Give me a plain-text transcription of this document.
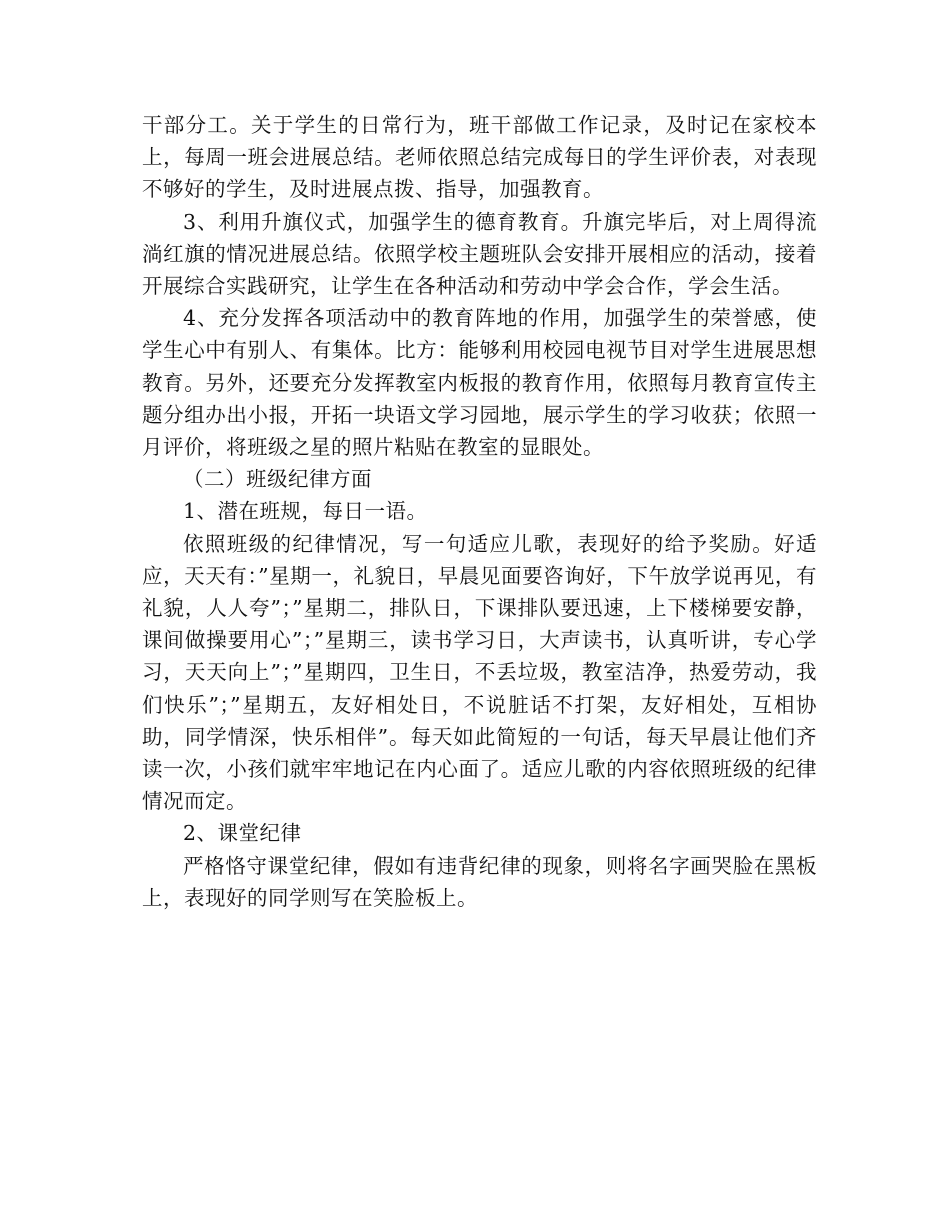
干部分工。关于学生的日常行为，班干部做工作记录，及时记在家校本上，每周一班会进展总结。老师依照总结完成每日的学生评价表，对表现不够好的学生，及时进展点拨、指导，加强教育。

3、利用升旗仪式，加强学生的德育教育。升旗完毕后，对上周得流淌红旗的情况进展总结。依照学校主题班队会安排开展相应的活动，接着开展综合实践研究，让学生在各种活动和劳动中学会合作，学会生活。

4、充分发挥各项活动中的教育阵地的作用，加强学生的荣誉感，使学生心中有别人、有集体。比方：能够利用校园电视节目对学生进展思想教育。另外，还要充分发挥教室内板报的教育作用，依照每月教育宣传主题分组办出小报，开拓一块语文学习园地，展示学生的学习收获；依照一月评价，将班级之星的照片粘贴在教室的显眼处。

（二）班级纪律方面

1、潜在班规，每日一语。

依照班级的纪律情况，写一句适应儿歌，表现好的给予奖励。好适应，天天有：”星期一，礼貌日，早晨见面要咨询好，下午放学说再见，有礼貌，人人夸”；”星期二，排队日，下课排队要迅速，上下楼梯要安静，课间做操要用心”；”星期三，读书学习日，大声读书，认真听讲，专心学习，天天向上”；”星期四，卫生日，不丢垃圾，教室洁净，热爱劳动，我们快乐”；”星期五，友好相处日，不说脏话不打架，友好相处，互相协助，同学情深，快乐相伴”。每天如此简短的一句话，每天早晨让他们齐读一次，小孩们就牢牢地记在内心面了。适应儿歌的内容依照班级的纪律情况而定。

2、课堂纪律

严格恪守课堂纪律，假如有违背纪律的现象，则将名字画哭脸在黑板上，表现好的同学则写在笑脸板上。
